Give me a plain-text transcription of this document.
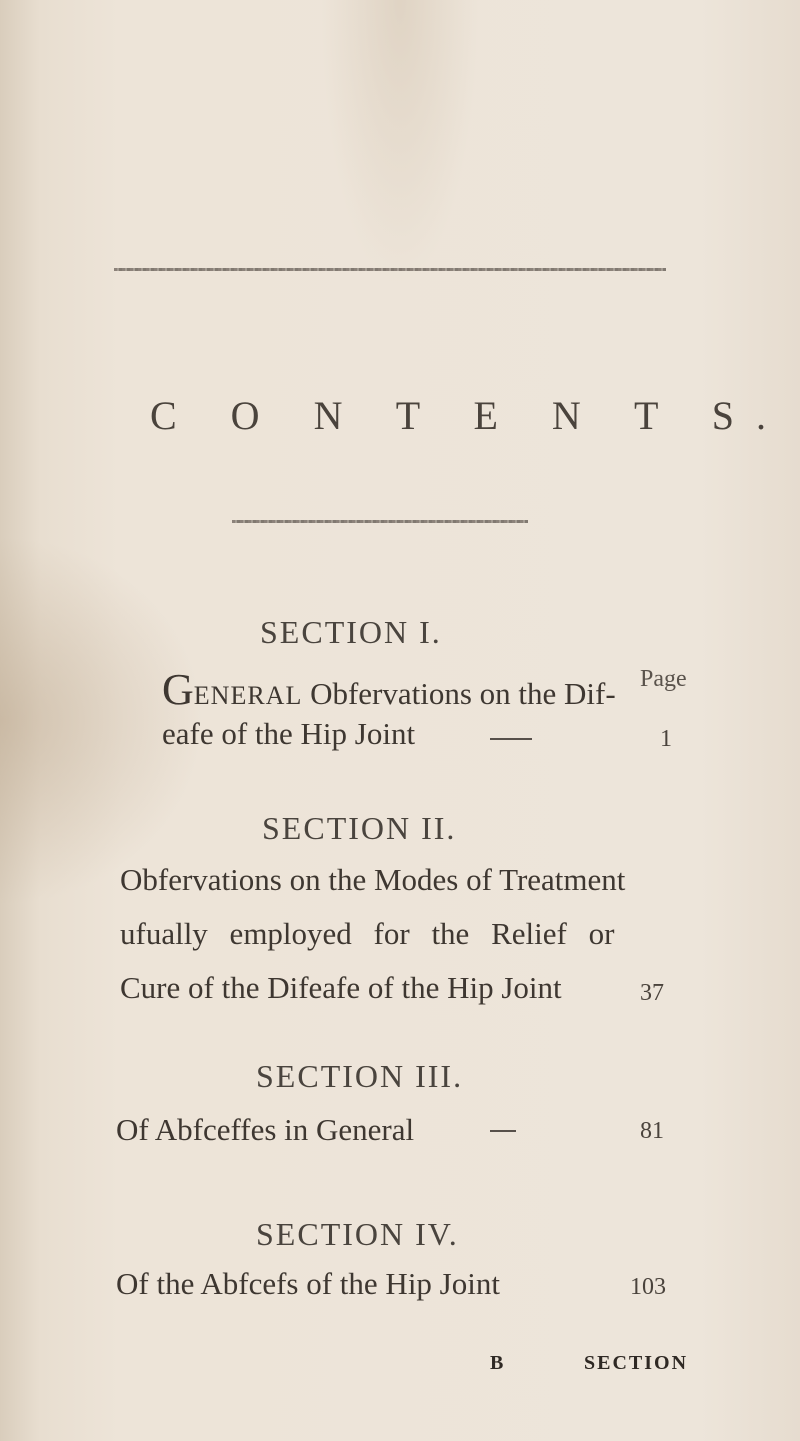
C O N T E N T S.
SECTION I.
Page
GENERAL Obfervations on the Dif-
eafe of the Hip Joint	1
SECTION II.
Obfervations on the Modes of Treatment
ufually employed for the Relief or
Cure of the Difeafe of the Hip Joint	37
SECTION III.
Of Abfceffes in General	81
SECTION IV.
Of the Abfcefs of the Hip Joint	103
B	SECTION
